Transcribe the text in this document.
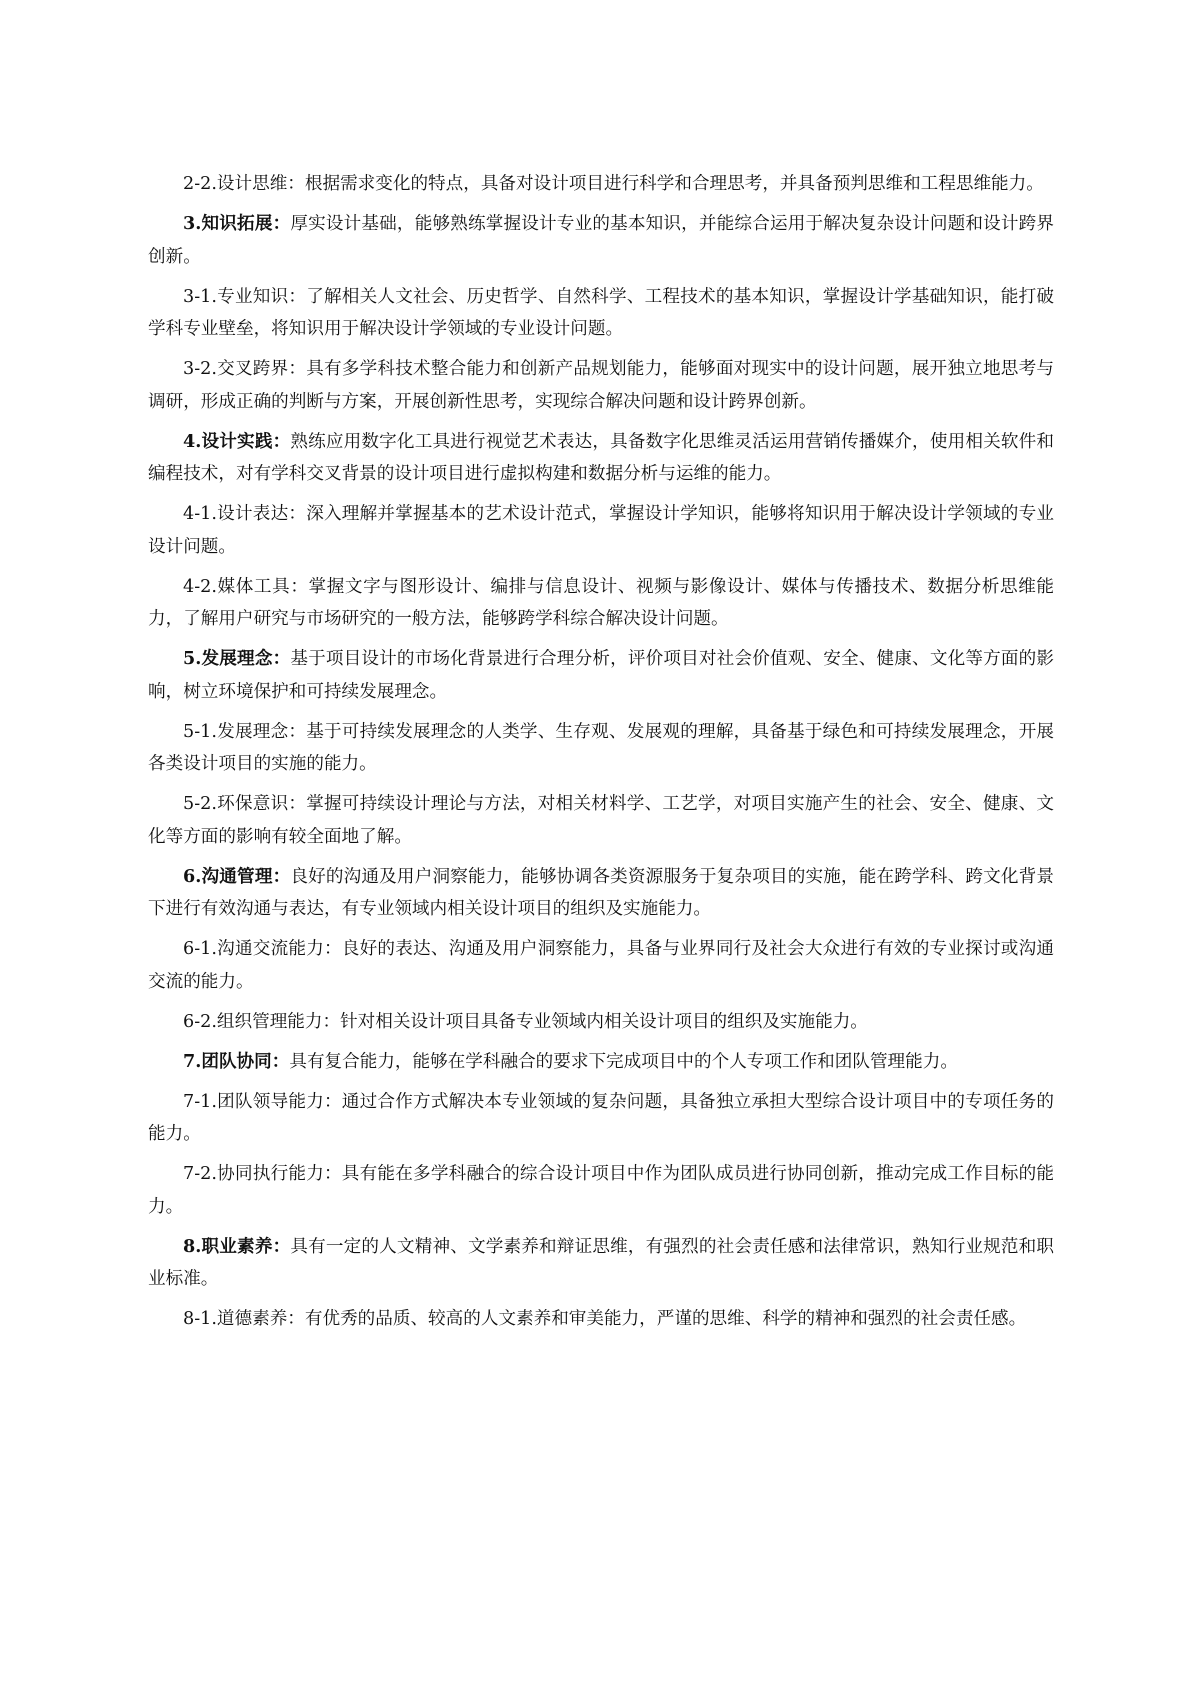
2-2.设计思维：根据需求变化的特点，具备对设计项目进行科学和合理思考，并具备预判思维和工程思维能力。

3.知识拓展：厚实设计基础，能够熟练掌握设计专业的基本知识，并能综合运用于解决复杂设计问题和设计跨界创新。

3-1.专业知识：了解相关人文社会、历史哲学、自然科学、工程技术的基本知识，掌握设计学基础知识，能打破学科专业壁垒，将知识用于解决设计学领域的专业设计问题。

3-2.交叉跨界：具有多学科技术整合能力和创新产品规划能力，能够面对现实中的设计问题，展开独立地思考与调研，形成正确的判断与方案，开展创新性思考，实现综合解决问题和设计跨界创新。

4.设计实践：熟练应用数字化工具进行视觉艺术表达，具备数字化思维灵活运用营销传播媒介，使用相关软件和编程技术，对有学科交叉背景的设计项目进行虚拟构建和数据分析与运维的能力。

4-1.设计表达：深入理解并掌握基本的艺术设计范式，掌握设计学知识，能够将知识用于解决设计学领域的专业设计问题。

4-2.媒体工具：掌握文字与图形设计、编排与信息设计、视频与影像设计、媒体与传播技术、数据分析思维能力，了解用户研究与市场研究的一般方法，能够跨学科综合解决设计问题。

5.发展理念：基于项目设计的市场化背景进行合理分析，评价项目对社会价值观、安全、健康、文化等方面的影响，树立环境保护和可持续发展理念。

5-1.发展理念：基于可持续发展理念的人类学、生存观、发展观的理解，具备基于绿色和可持续发展理念，开展各类设计项目的实施的能力。

5-2.环保意识：掌握可持续设计理论与方法，对相关材料学、工艺学，对项目实施产生的社会、安全、健康、文化等方面的影响有较全面地了解。

6.沟通管理：良好的沟通及用户洞察能力，能够协调各类资源服务于复杂项目的实施，能在跨学科、跨文化背景下进行有效沟通与表达，有专业领域内相关设计项目的组织及实施能力。

6-1.沟通交流能力：良好的表达、沟通及用户洞察能力，具备与业界同行及社会大众进行有效的专业探讨或沟通交流的能力。

6-2.组织管理能力：针对相关设计项目具备专业领域内相关设计项目的组织及实施能力。

7.团队协同：具有复合能力，能够在学科融合的要求下完成项目中的个人专项工作和团队管理能力。

7-1.团队领导能力：通过合作方式解决本专业领域的复杂问题，具备独立承担大型综合设计项目中的专项任务的能力。

7-2.协同执行能力：具有能在多学科融合的综合设计项目中作为团队成员进行协同创新，推动完成工作目标的能力。

8.职业素养：具有一定的人文精神、文学素养和辩证思维，有强烈的社会责任感和法律常识，熟知行业规范和职业标准。

8-1.道德素养：有优秀的品质、较高的人文素养和审美能力，严谨的思维、科学的精神和强烈的社会责任感。
